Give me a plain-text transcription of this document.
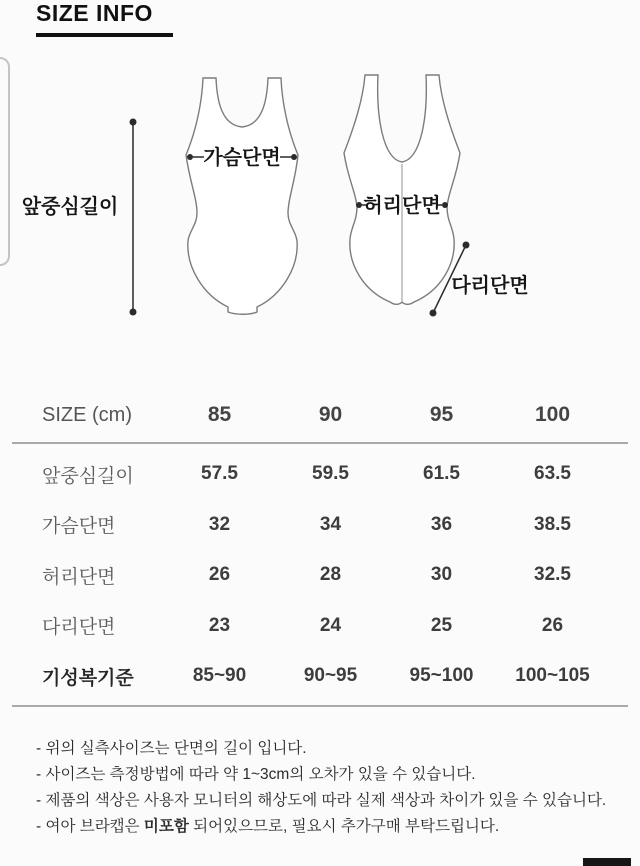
SIZE INFO
앞중심길이
가슴단면
허리단면
다리단면
SIZE (cm)	85	90	95	100
앞중심길이	57.5	59.5	61.5	63.5
가슴단면	32	34	36	38.5
허리단면	26	28	30	32.5
다리단면	23	24	25	26
기성복기준	85~90	90~95	95~100	100~105
- 위의 실측사이즈는 단면의 길이 입니다.
- 사이즈는 측정방법에 따라 약 1~3cm의 오차가 있을 수 있습니다.
- 제품의 색상은 사용자 모니터의 해상도에 따라 실제 색상과 차이가 있을 수 있습니다.
- 여아 브라캡은 미포함 되어있으므로, 필요시 추가구매 부탁드립니다.
